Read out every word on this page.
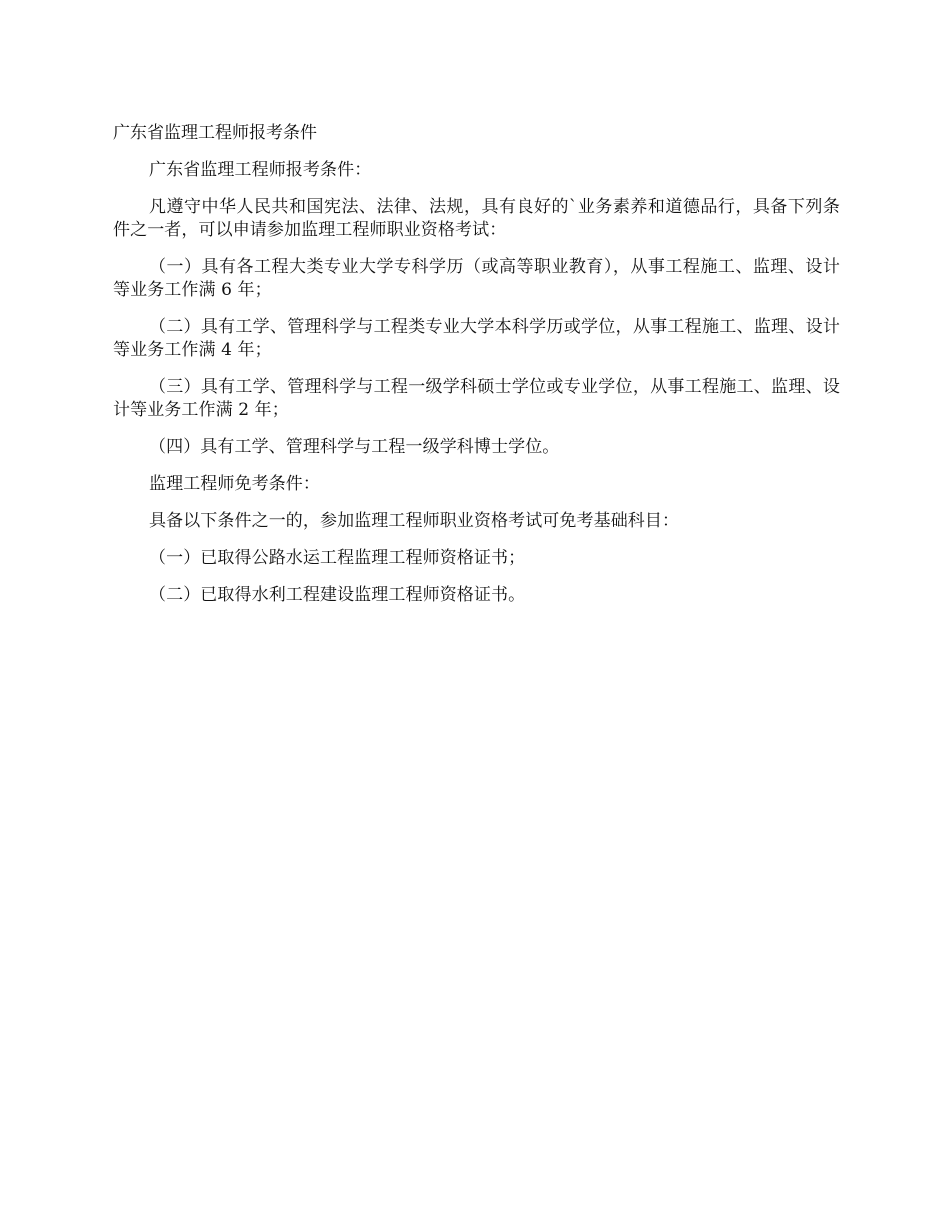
广东省监理工程师报考条件

广东省监理工程师报考条件：

凡遵守中华人民共和国宪法、法律、法规，具有良好的`业务素养和道德品行，具备下列条件之一者，可以申请参加监理工程师职业资格考试：

（一）具有各工程大类专业大学专科学历（或高等职业教育），从事工程施工、监理、设计等业务工作满 6 年；

（二）具有工学、管理科学与工程类专业大学本科学历或学位，从事工程施工、监理、设计等业务工作满 4 年；

（三）具有工学、管理科学与工程一级学科硕士学位或专业学位，从事工程施工、监理、设计等业务工作满 2 年；

（四）具有工学、管理科学与工程一级学科博士学位。

监理工程师免考条件：

具备以下条件之一的，参加监理工程师职业资格考试可免考基础科目：

（一）已取得公路水运工程监理工程师资格证书；

（二）已取得水利工程建设监理工程师资格证书。
